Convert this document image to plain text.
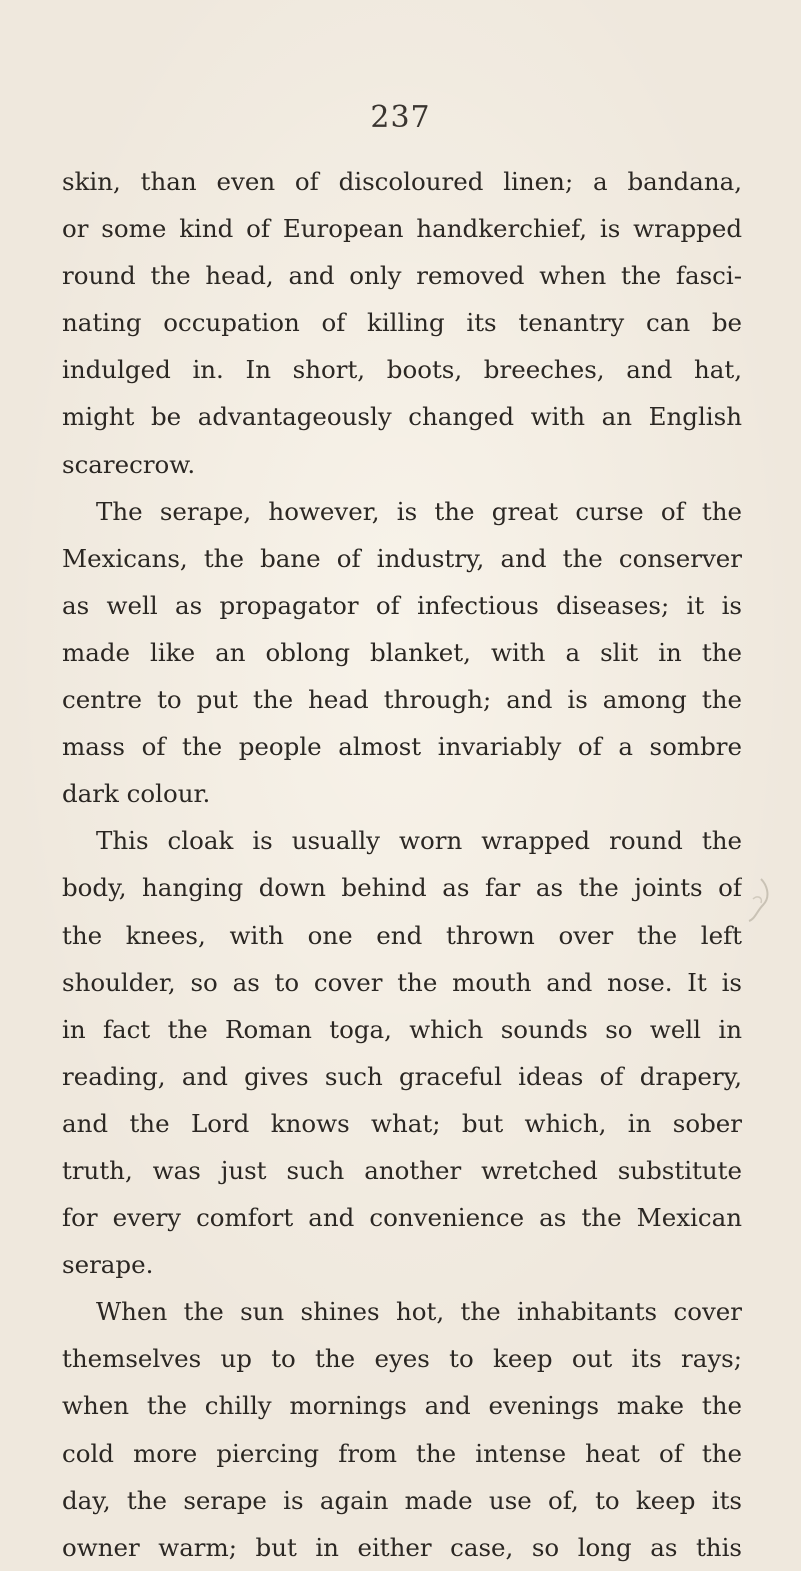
237
skin, than even of discoloured linen; a bandana,
or some kind of European handkerchief, is wrapped
round the head, and only removed when the fasci-
nating occupation of killing its tenantry can be
indulged in. In short, boots, breeches, and hat,
might be advantageously changed with an English
scarecrow.
The serape, however, is the great curse of the
Mexicans, the bane of industry, and the conserver
as well as propagator of infectious diseases; it is
made like an oblong blanket, with a slit in the
centre to put the head through; and is among the
mass of the people almost invariably of a sombre
dark colour.
This cloak is usually worn wrapped round the
body, hanging down behind as far as the joints of
the knees, with one end thrown over the left
shoulder, so as to cover the mouth and nose. It is
in fact the Roman toga, which sounds so well in
reading, and gives such graceful ideas of drapery,
and the Lord knows what; but which, in sober
truth, was just such another wretched substitute
for every comfort and convenience as the Mexican
serape.
When the sun shines hot, the inhabitants cover
themselves up to the eyes to keep out its rays;
when the chilly mornings and evenings make the
cold more piercing from the intense heat of the
day, the serape is again made use of, to keep its
owner warm; but in either case, so long as this
